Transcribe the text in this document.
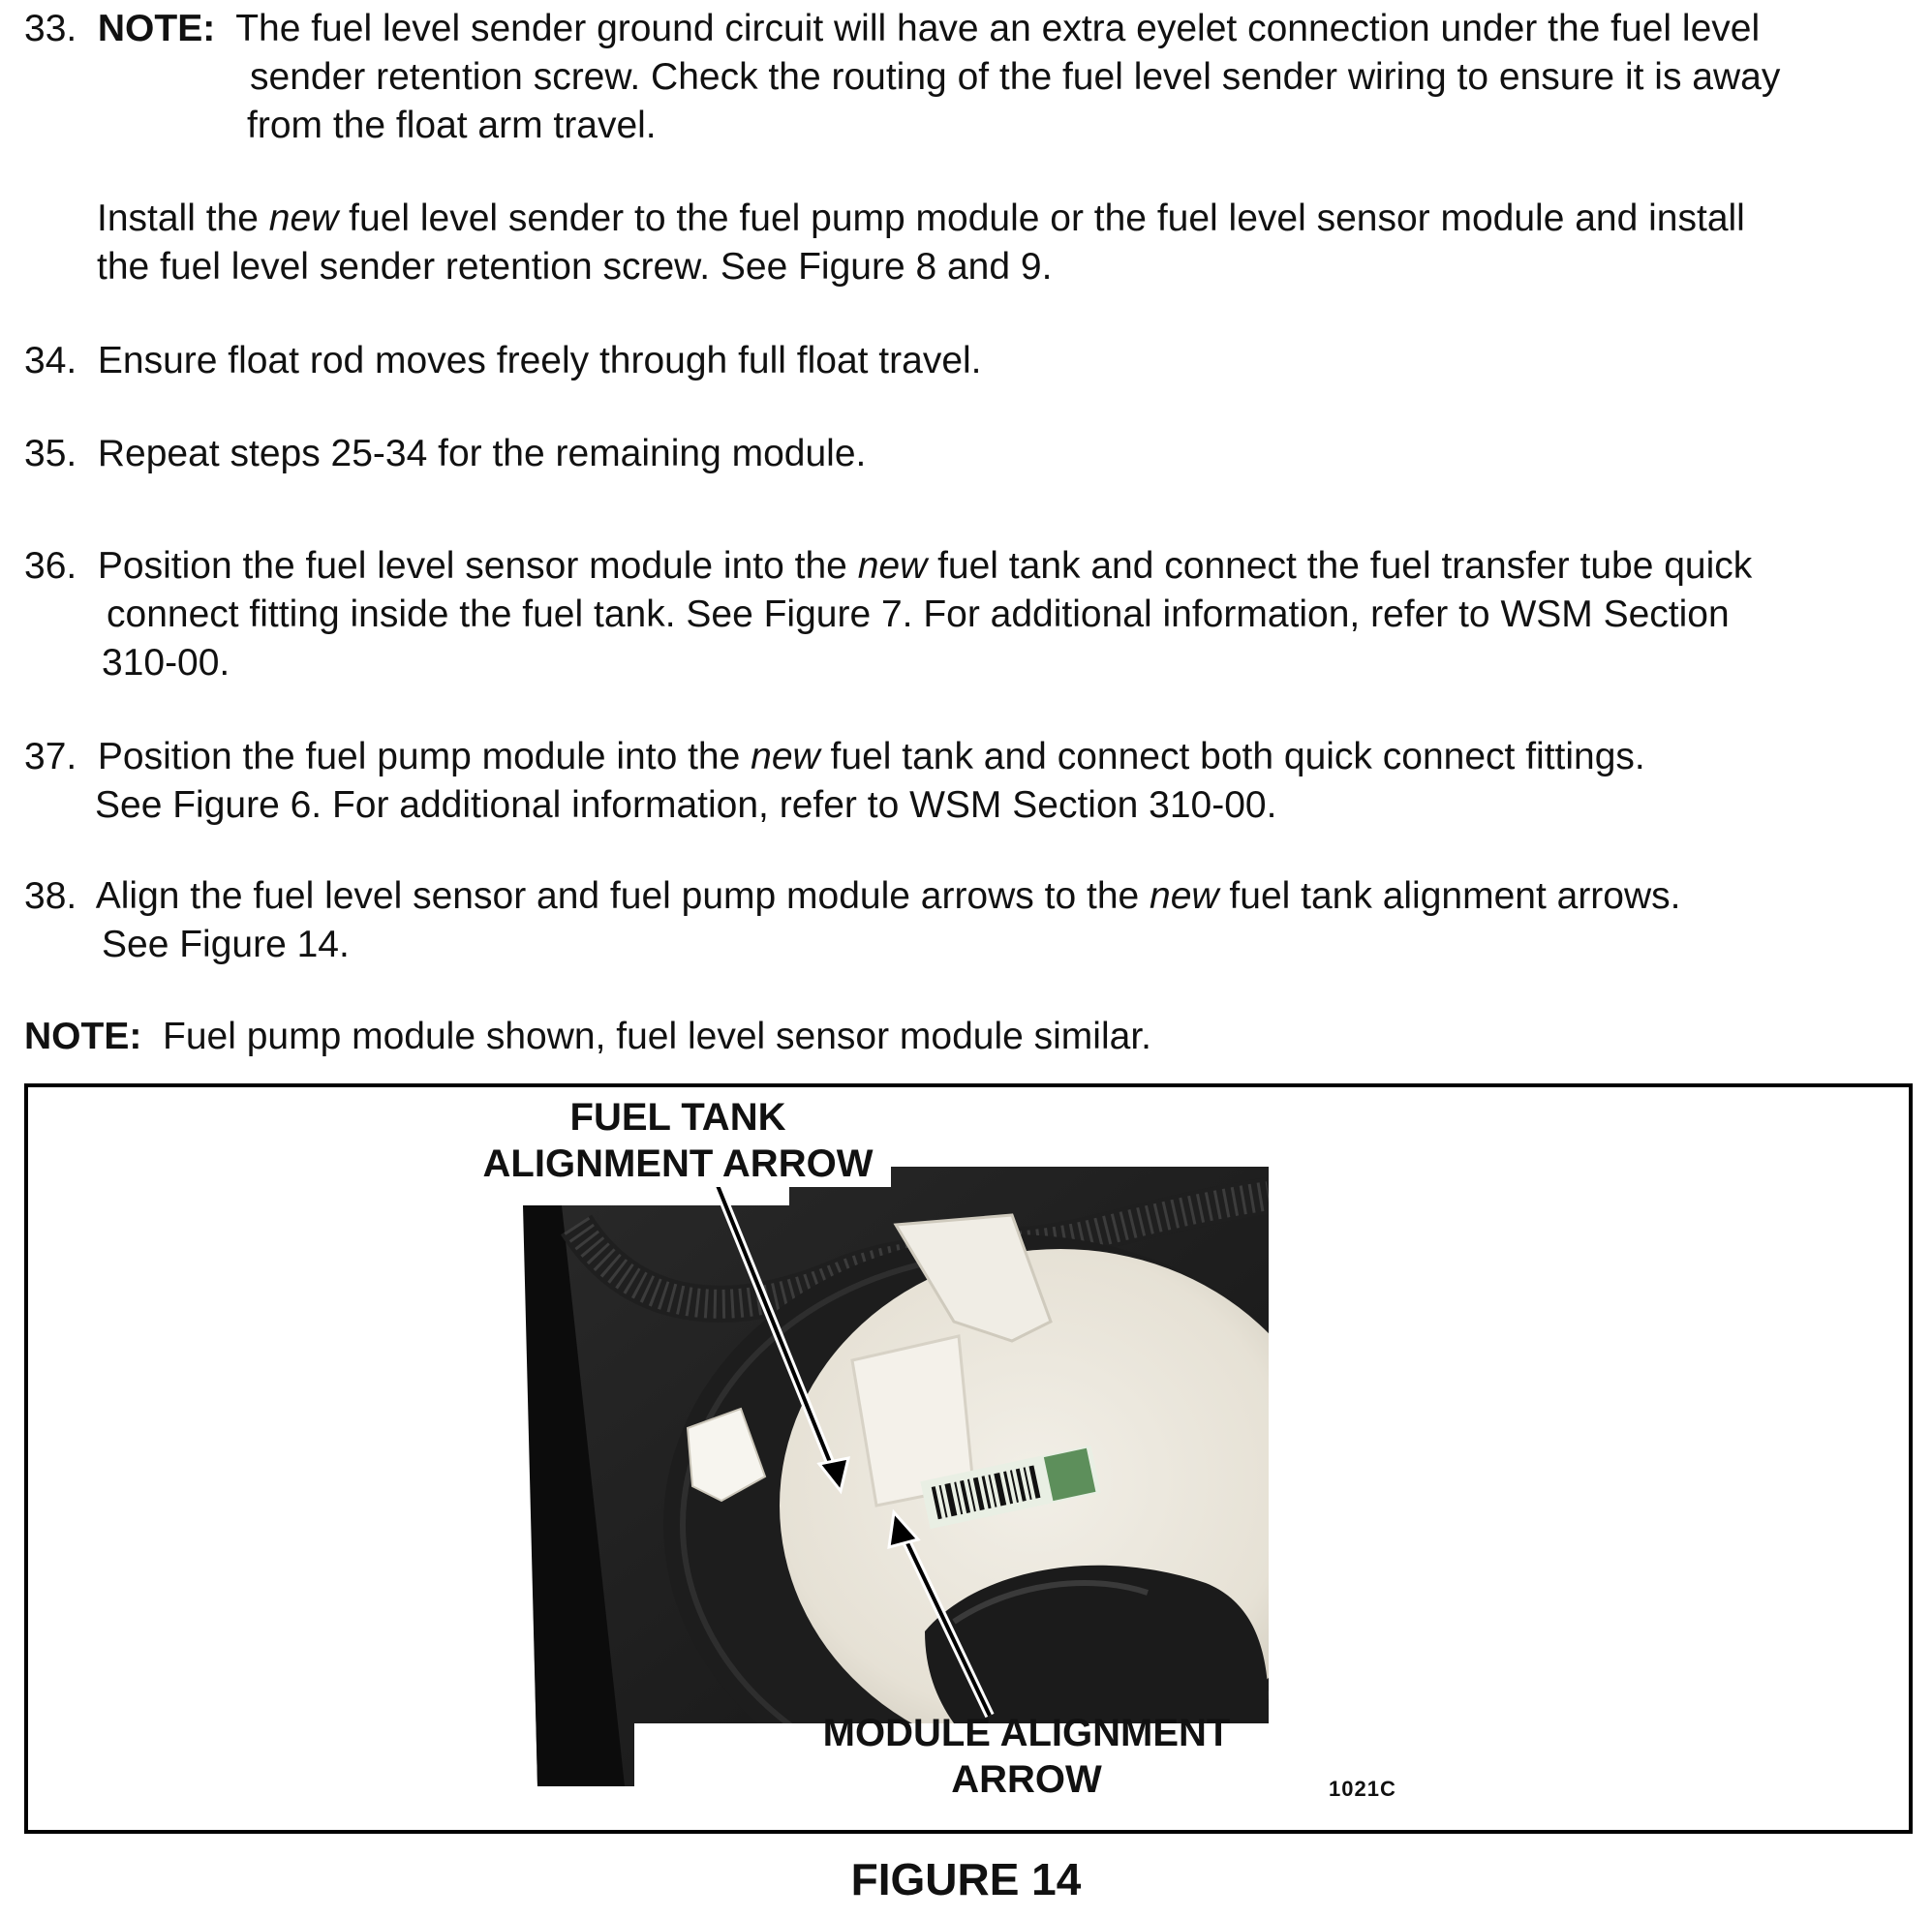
33. NOTE: The fuel level sender ground circuit will have an extra eyelet connection under the fuel level
sender retention screw. Check the routing of the fuel level sender wiring to ensure it is away
from the float arm travel.
Install the new fuel level sender to the fuel pump module or the fuel level sensor module and install
the fuel level sender retention screw. See Figure 8 and 9.
34. Ensure float rod moves freely through full float travel.
35. Repeat steps 25-34 for the remaining module.
36. Position the fuel level sensor module into the new fuel tank and connect the fuel transfer tube quick
connect fitting inside the fuel tank. See Figure 7. For additional information, refer to WSM Section
310-00.
37. Position the fuel pump module into the new fuel tank and connect both quick connect fittings.
See Figure 6. For additional information, refer to WSM Section 310-00.
38. Align the fuel level sensor and fuel pump module arrows to the new fuel tank alignment arrows.
See Figure 14.
NOTE: Fuel pump module shown, fuel level sensor module similar.
FUEL TANK
ALIGNMENT ARROW
MODULE ALIGNMENT
ARROW	1021C
FIGURE 14
